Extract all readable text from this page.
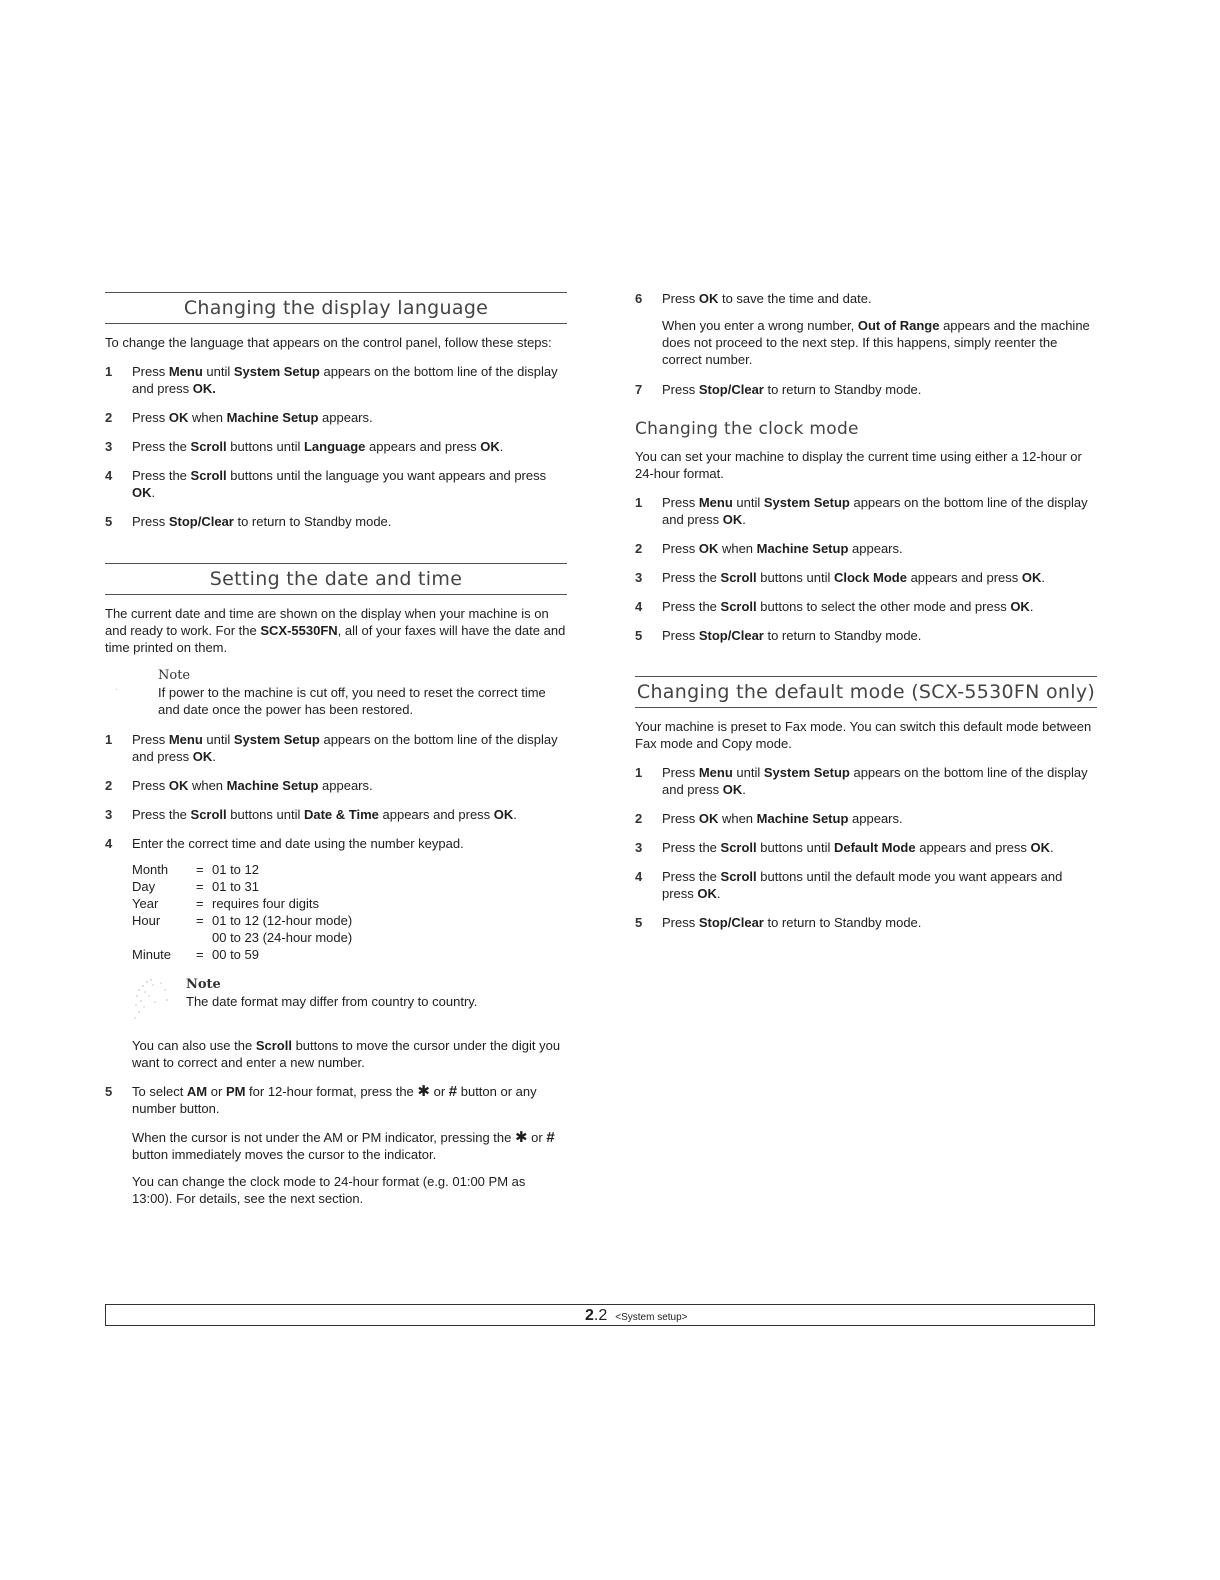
Changing the display language

To change the language that appears on the control panel, follow these steps:

1	Press Menu until System Setup appears on the bottom line of the display and press OK.
2	Press OK when Machine Setup appears.
3	Press the Scroll buttons until Language appears and press OK.
4	Press the Scroll buttons until the language you want appears and press OK.
5	Press Stop/Clear to return to Standby mode.
Setting the date and time

The current date and time are shown on the display when your machine is on and ready to work. For the SCX-5530FN, all of your faxes will have the date and time printed on them.

·
Note
If power to the machine is cut off, you need to reset the correct time and date once the power has been restored.
1	Press Menu until System Setup appears on the bottom line of the display and press OK.
2	Press OK when Machine Setup appears.
3	Press the Scroll buttons until Date & Time appears and press OK.
4	Enter the correct time and date using the number keypad.
Month	=	01 to 12
Day	=	01 to 31
Year	=	requires four digits
Hour	=	01 to 12 (12-hour mode)
		00 to 23 (24-hour mode)
Minute	=	00 to 59
Note
The date format may differ from country to country.

You can also use the Scroll buttons to move the cursor under the digit you want to correct and enter a new number.

5	To select AM or PM for 12-hour format, press the ✱ or # button or any number button.

When the cursor is not under the AM or PM indicator, pressing the ✱ or # button immediately moves the cursor to the indicator.

You can change the clock mode to 24-hour format (e.g. 01:00 PM as 13:00). For details, see the next section.

6	Press OK to save the time and date.

When you enter a wrong number, Out of Range appears and the machine does not proceed to the next step. If this happens, simply reenter the correct number.

7	Press Stop/Clear to return to Standby mode.
Changing the clock mode

You can set your machine to display the current time using either a 12-hour or 24-hour format.

1	Press Menu until System Setup appears on the bottom line of the display and press OK.
2	Press OK when Machine Setup appears.
3	Press the Scroll buttons until Clock Mode appears and press OK.
4	Press the Scroll buttons to select the other mode and press OK.
5	Press Stop/Clear to return to Standby mode.
Changing the default mode (SCX-5530FN only)

Your machine is preset to Fax mode. You can switch this default mode between Fax mode and Copy mode.

1	Press Menu until System Setup appears on the bottom line of the display and press OK.
2	Press OK when Machine Setup appears.
3	Press the Scroll buttons until Default Mode appears and press OK.
4	Press the Scroll buttons until the default mode you want appears and press OK.
5	Press Stop/Clear to return to Standby mode.
2.2 <System setup>
